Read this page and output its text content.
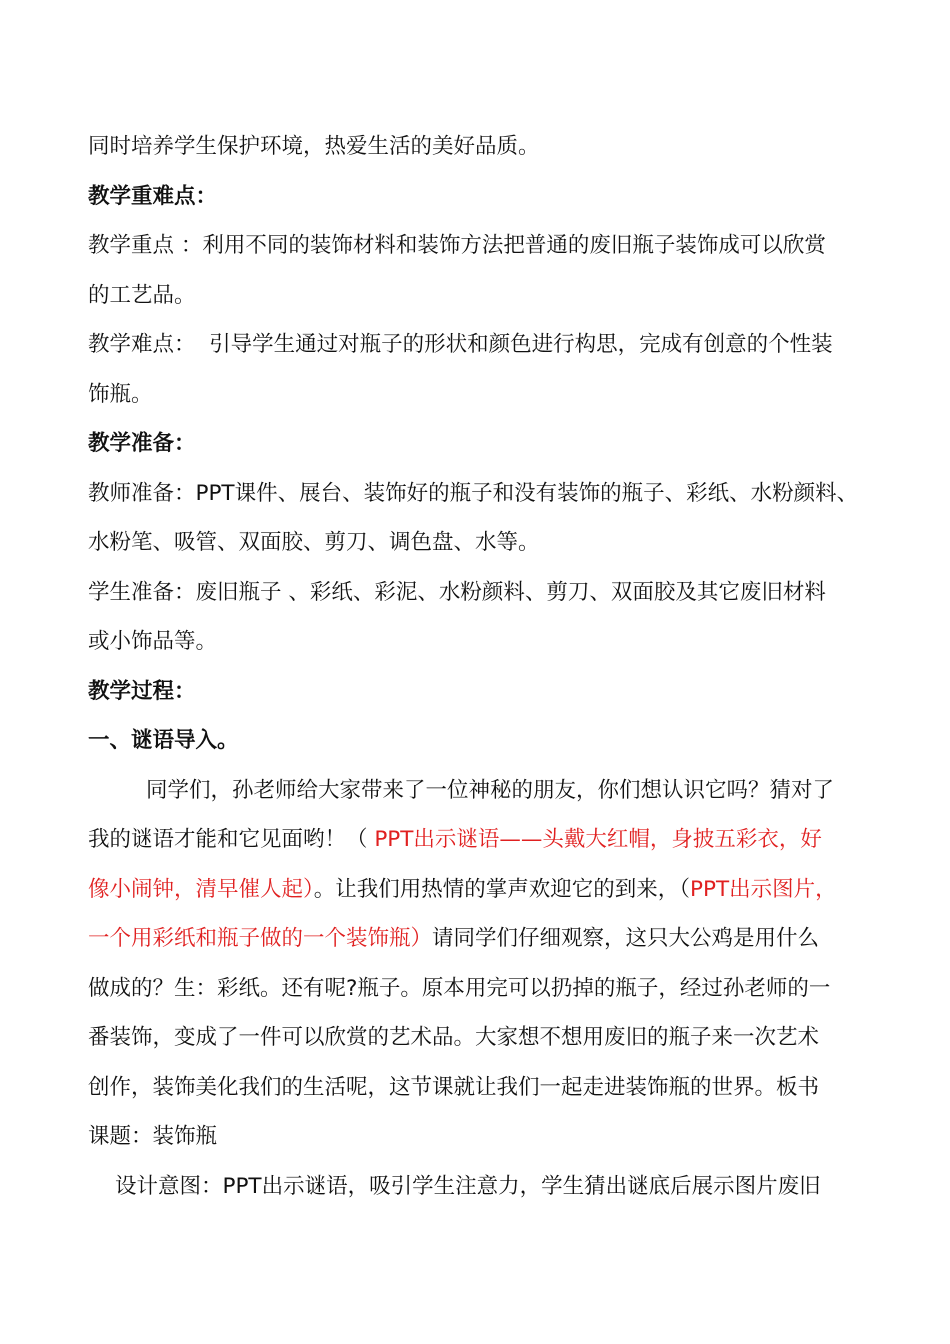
同时培养学生保护环境，热爱生活的美好品质。
教学重难点：
教学重点 ：利用不同的装饰材料和装饰方法把普通的废旧瓶子装饰成可以欣赏
的工艺品。
教学难点：  引导学生通过对瓶子的形状和颜色进行构思，完成有创意的个性装
饰瓶。
教学准备：
教师准备：PPT课件、展台、装饰好的瓶子和没有装饰的瓶子、彩纸、水粉颜料、
水粉笔、吸管、双面胶、剪刀、调色盘、水等。
学生准备：废旧瓶子 、彩纸、彩泥、水粉颜料、剪刀、双面胶及其它废旧材料
或小饰品等。
教学过程：
一、谜语导入。
同学们，孙老师给大家带来了一位神秘的朋友，你们想认识它吗？猜对了
我的谜语才能和它见面哟！（ PPT出示谜语——头戴大红帽，身披五彩衣，好
像小闹钟，清早催人起）。让我们用热情的掌声欢迎它的到来，（PPT出示图片，
一个用彩纸和瓶子做的一个装饰瓶）请同学们仔细观察，这只大公鸡是用什么
做成的？生：彩纸。还有呢?瓶子。原本用完可以扔掉的瓶子，经过孙老师的一
番装饰，变成了一件可以欣赏的艺术品。大家想不想用废旧的瓶子来一次艺术
创作，装饰美化我们的生活呢，这节课就让我们一起走进装饰瓶的世界。板书
课题：装饰瓶
设计意图：PPT出示谜语，吸引学生注意力，学生猜出谜底后展示图片废旧
